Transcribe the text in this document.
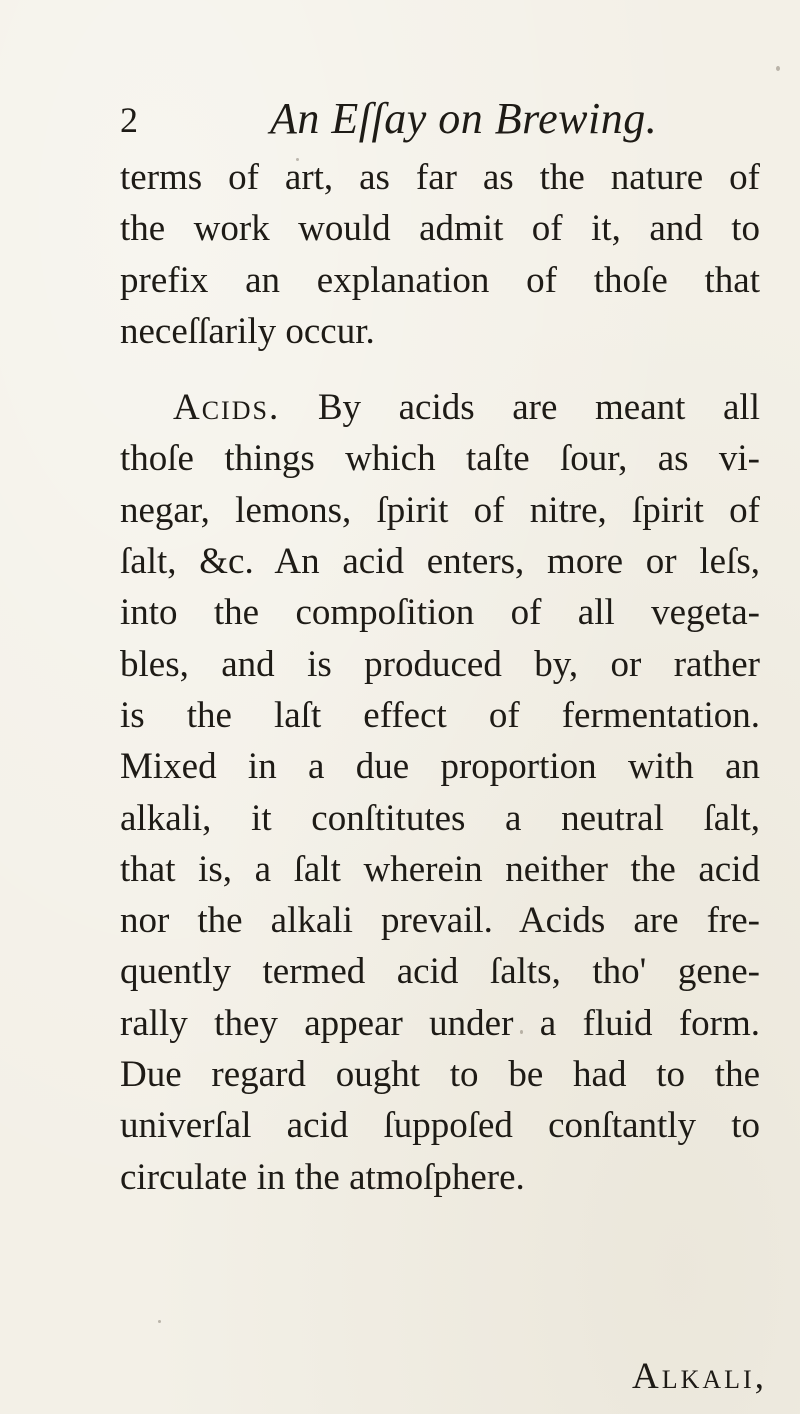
2	An Eſſay on Brewing.
terms of art, as far as the nature of
the work would admit of it, and to
prefix an explanation of thoſe that
neceſſarily occur.
Acids. By acids are meant all
thoſe things which taſte ſour, as vi-
negar, lemons, ſpirit of nitre, ſpirit of
ſalt, &c. An acid enters, more or leſs,
into the compoſition of all vegeta-
bles, and is produced by, or rather
is the laſt effect of fermentation.
Mixed in a due proportion with an
alkali, it conſtitutes a neutral ſalt,
that is, a ſalt wherein neither the acid
nor the alkali prevail. Acids are fre-
quently termed acid ſalts, tho' gene-
rally they appear under a fluid form.
Due regard ought to be had to the
univerſal acid ſuppoſed conſtantly to
circulate in the atmoſphere.
Alkali,
